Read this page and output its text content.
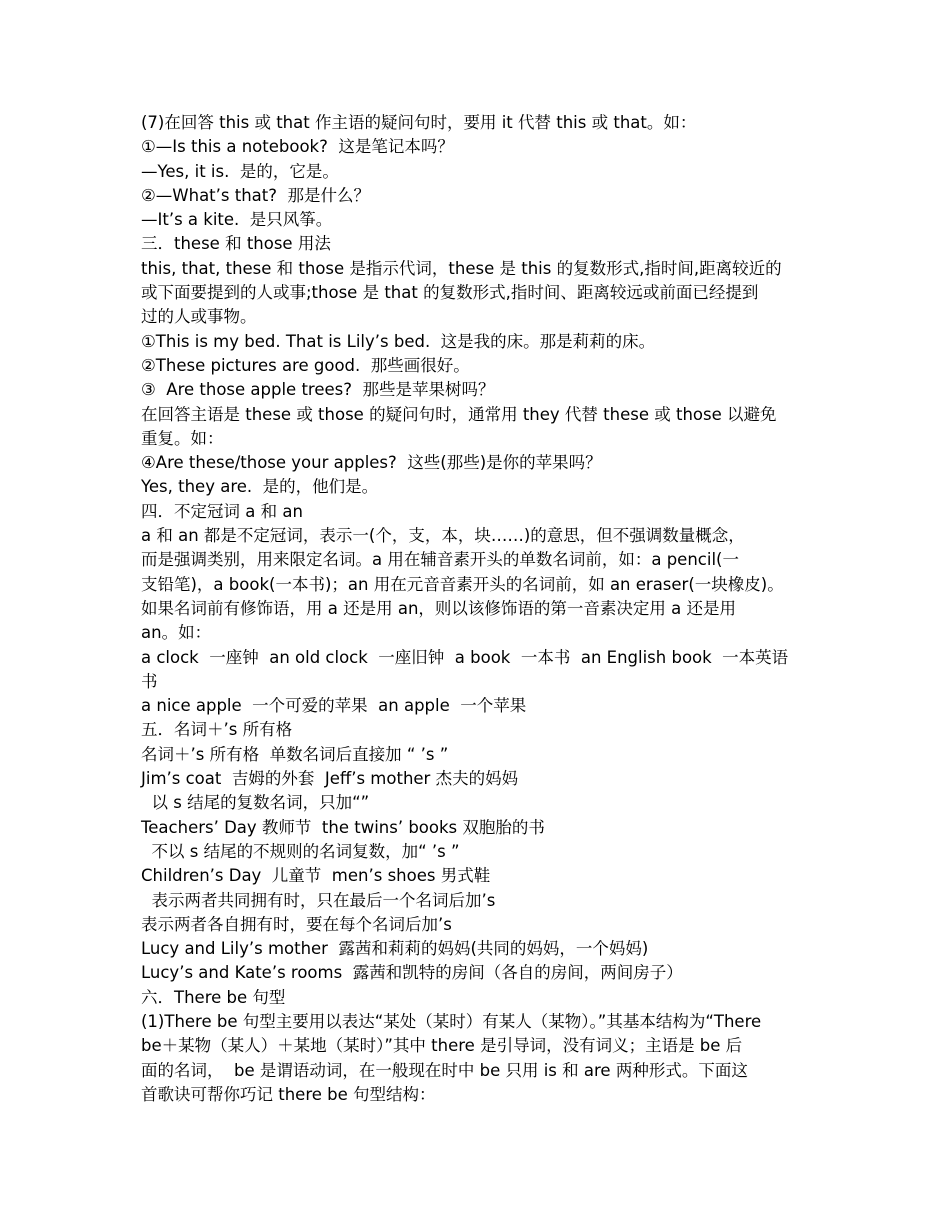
(7)在回答 this 或 that 作主语的疑问句时，要用 it 代替 this 或 that。如：
①—Is this a notebook?  这是笔记本吗？
—Yes, it is.  是的，它是。
②—What’s that?  那是什么？
—It’s a kite.  是只风筝。
三．these 和 those 用法
this, that, these 和 those 是指示代词，these 是 this 的复数形式,指时间,距离较近的
或下面要提到的人或事;those 是 that 的复数形式,指时间、距离较远或前面已经提到
过的人或事物。
①This is my bed. That is Lily’s bed.  这是我的床。那是莉莉的床。
②These pictures are good.  那些画很好。
③  Are those apple trees?  那些是苹果树吗？
在回答主语是 these 或 those 的疑问句时，通常用 they 代替 these 或 those 以避免
重复。如：
④Are these/those your apples?  这些(那些)是你的苹果吗？
Yes, they are.  是的，他们是。
四．不定冠词 a 和 an
a 和 an 都是不定冠词，表示一(个，支，本，块……)的意思，但不强调数量概念，
而是强调类别，用来限定名词。a 用在辅音素开头的单数名词前，如：a pencil(一
支铅笔)，a book(一本书)；an 用在元音音素开头的名词前，如 an eraser(一块橡皮)。
如果名词前有修饰语，用 a 还是用 an，则以该修饰语的第一音素决定用 a 还是用
an。如：
a clock  一座钟  an old clock  一座旧钟  a book  一本书  an English book  一本英语
书
a nice apple  一个可爱的苹果  an apple  一个苹果
五．名词＋’s 所有格
名词＋’s 所有格  单数名词后直接加 “ ’s ”
Jim’s coat  吉姆的外套  Jeff’s mother 杰夫的妈妈
以 s 结尾的复数名词，只加“”
Teachers’ Day 教师节  the twins’ books 双胞胎的书
不以 s 结尾的不规则的名词复数，加“ ’s ”
Children’s Day  儿童节  men’s shoes 男式鞋
表示两者共同拥有时，只在最后一个名词后加’s
表示两者各自拥有时，要在每个名词后加’s
Lucy and Lily’s mother  露茜和莉莉的妈妈(共同的妈妈，一个妈妈)
Lucy’s and Kate’s rooms  露茜和凯特的房间（各自的房间，两间房子）
六．There be 句型
(1)There be 句型主要用以表达“某处（某时）有某人（某物）。”其基本结构为“There
be＋某物（某人）＋某地（某时）”其中 there 是引导词，没有词义；主语是 be 后
面的名词，  be 是谓语动词，在一般现在时中 be 只用 is 和 are 两种形式。下面这
首歌诀可帮你巧记 there be 句型结构：
